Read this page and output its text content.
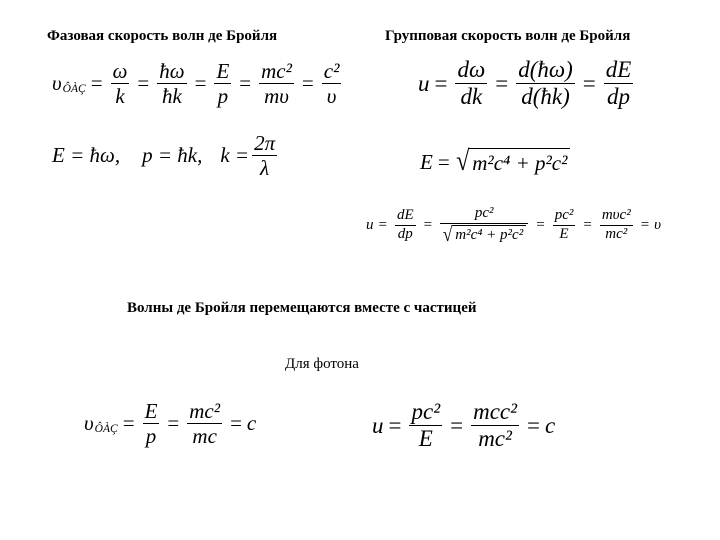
Фазовая скорость волн де Бройля	Групповая скорость волн де Бройля
Волны де Бройля перемещаются вместе с частицей
Для фотона
υ ÔÀÇ = $\frac{\omega}{k} = \frac{ħ\omega}{ħk} = \frac{E}{p} = \frac{\text{mc²}}{m\upsilon} = \frac{\text{c²}}{\upsilon}$
E = ħω, p = ħk, $k = \frac{2\pi}{\lambda}$
$u = \frac{d\omega}{dk} = \frac{d(ħ\omega)}{d(ħk)} = \frac{dE}{dp}$
E = √ m²c⁴ + p²c²
$u = \frac{dE}{dp} = \frac{\text{pc²}}{\text{√ m²c⁴ + p²c²}} = \frac{\text{pc²}}{E} = \frac{\text{mυc²}}{\text{mc²}} = \upsilon$
υ ÔÀÇ = $\frac{E}{p} = \frac{\text{mc²}}{mc} = c$	$u = \frac{\text{pc²}}{E} = \frac{\text{mcc²}}{\text{mc²}} = c$
